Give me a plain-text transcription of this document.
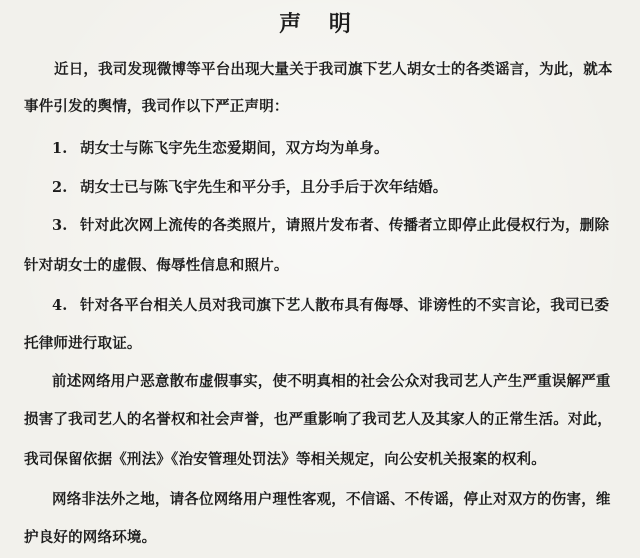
声 明
近日，我司发现微博等平台出现大量关于我司旗下艺人胡女士的各类谣言，为此，就本
事件引发的舆情，我司作以下严正声明：
1. 胡女士与陈飞宇先生恋爱期间，双方均为单身。
2. 胡女士已与陈飞宇先生和平分手，且分手后于次年结婚。
3. 针对此次网上流传的各类照片，请照片发布者、传播者立即停止此侵权行为，删除
针对胡女士的虚假、侮辱性信息和照片。
4. 针对各平台相关人员对我司旗下艺人散布具有侮辱、诽谤性的不实言论，我司已委
托律师进行取证。
前述网络用户恶意散布虚假事实，使不明真相的社会公众对我司艺人产生严重误解严重
损害了我司艺人的名誉权和社会声誉，也严重影响了我司艺人及其家人的正常生活。对此，
我司保留依据《刑法》《治安管理处罚法》等相关规定，向公安机关报案的权利。
网络非法外之地，请各位网络用户理性客观，不信谣、不传谣，停止对双方的伤害，维
护良好的网络环境。
